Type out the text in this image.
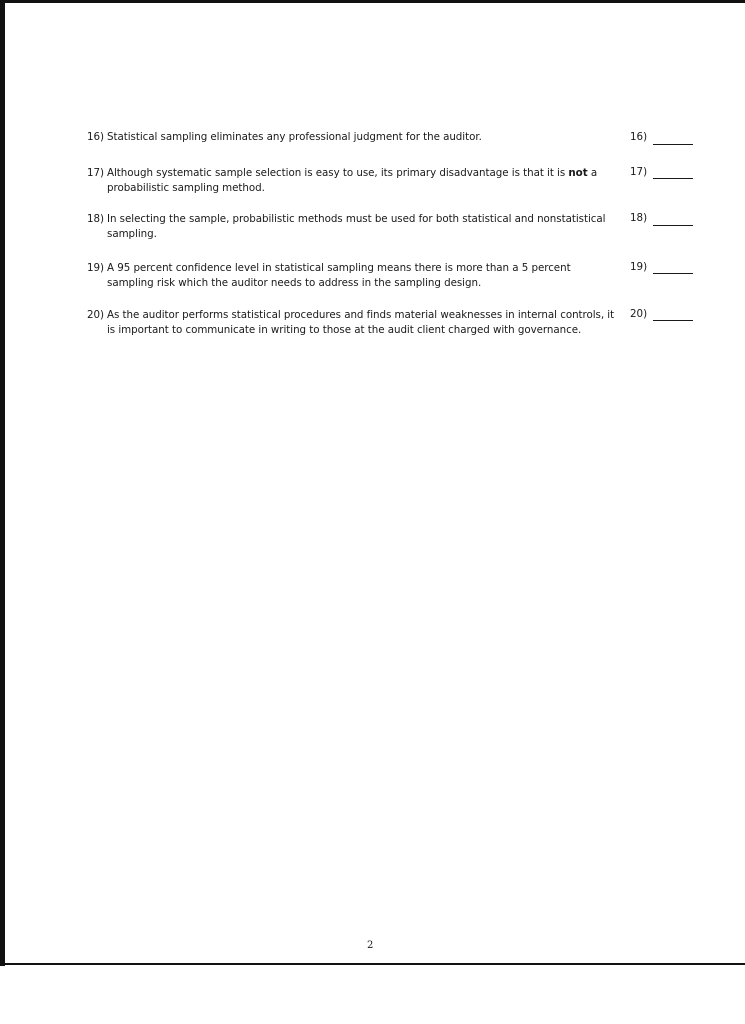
16) Statistical sampling eliminates any professional judgment for the auditor.	16)
17) Although systematic sample selection is easy to use, its primary disadvantage is that it is not a probabilistic sampling method.
17)
18) In selecting the sample, probabilistic methods must be used for both statistical and nonstatistical sampling.
18)
19) A 95 percent confidence level in statistical sampling means there is more than a 5 percent sampling risk which the auditor needs to address in the sampling design.
19)
20) As the auditor performs statistical procedures and finds material weaknesses in internal controls, it is important to communicate in writing to those at the audit client charged with governance.
20)
2
